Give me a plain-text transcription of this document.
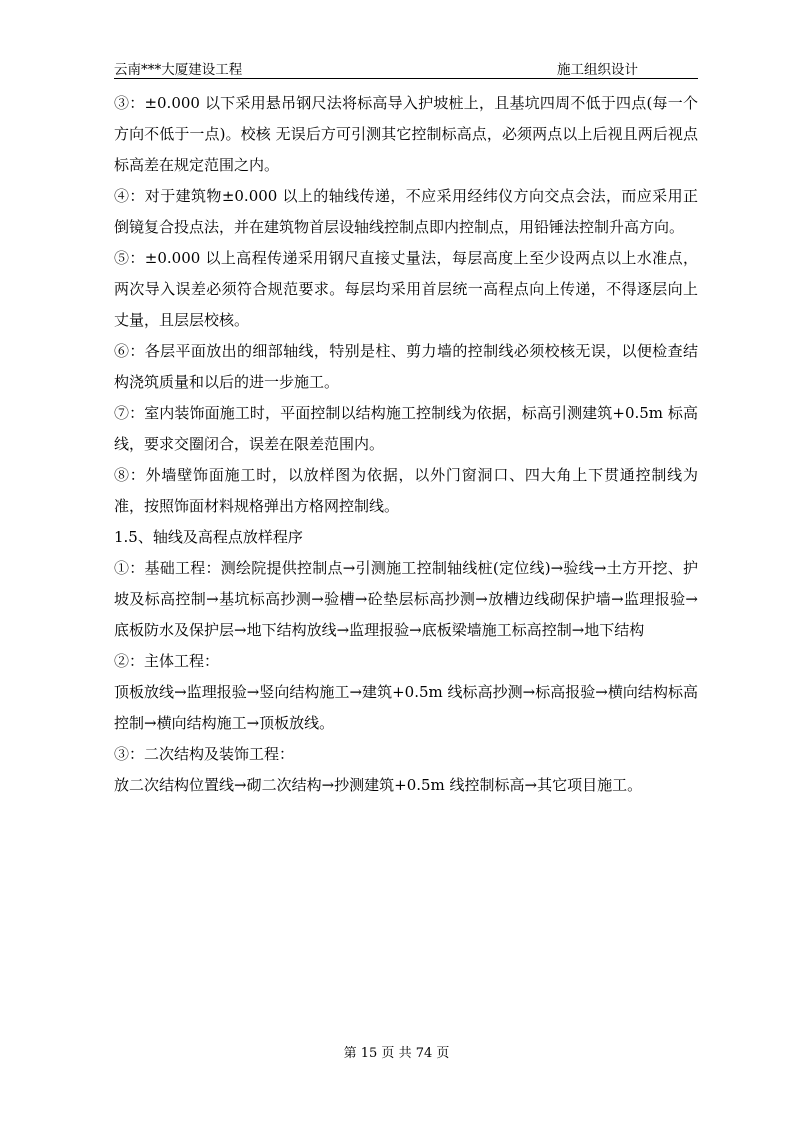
云南***大厦建设工程	施工组织设计

③：±0.000 以下采用悬吊钢尺法将标高导入护坡桩上，且基坑四周不低于四点(每一个方向不低于一点)。校核 无误后方可引测其它控制标高点，必须两点以上后视且两后视点标高差在规定范围之内。

④：对于建筑物±0.000 以上的轴线传递，不应采用经纬仪方向交点会法，而应采用正倒镜复合投点法，并在建筑物首层设轴线控制点即内控制点，用铅锤法控制升高方向。

⑤：±0.000 以上高程传递采用钢尺直接丈量法，每层高度上至少设两点以上水准点，两次导入误差必须符合规范要求。每层均采用首层统一高程点向上传递，不得逐层向上丈量，且层层校核。

⑥：各层平面放出的细部轴线，特别是柱、剪力墙的控制线必须校核无误，以便检查结构浇筑质量和以后的进一步施工。

⑦：室内装饰面施工时，平面控制以结构施工控制线为依据，标高引测建筑+0.5m 标高线，要求交圈闭合，误差在限差范围内。

⑧：外墙壁饰面施工时，以放样图为依据，以外门窗洞口、四大角上下贯通控制线为准，按照饰面材料规格弹出方格网控制线。

1.5、轴线及高程点放样程序

①：基础工程：测绘院提供控制点→引测施工控制轴线桩(定位线)→验线→土方开挖、护坡及标高控制→基坑标高抄测→验槽→砼垫层标高抄测→放槽边线砌保护墙→监理报验→底板防水及保护层→地下结构放线→监理报验→底板梁墙施工标高控制→地下结构

②：主体工程：

顶板放线→监理报验→竖向结构施工→建筑+0.5m 线标高抄测→标高报验→横向结构标高控制→横向结构施工→顶板放线。

③：二次结构及装饰工程：

放二次结构位置线→砌二次结构→抄测建筑+0.5m 线控制标高→其它项目施工。

第 15 页 共 74 页
